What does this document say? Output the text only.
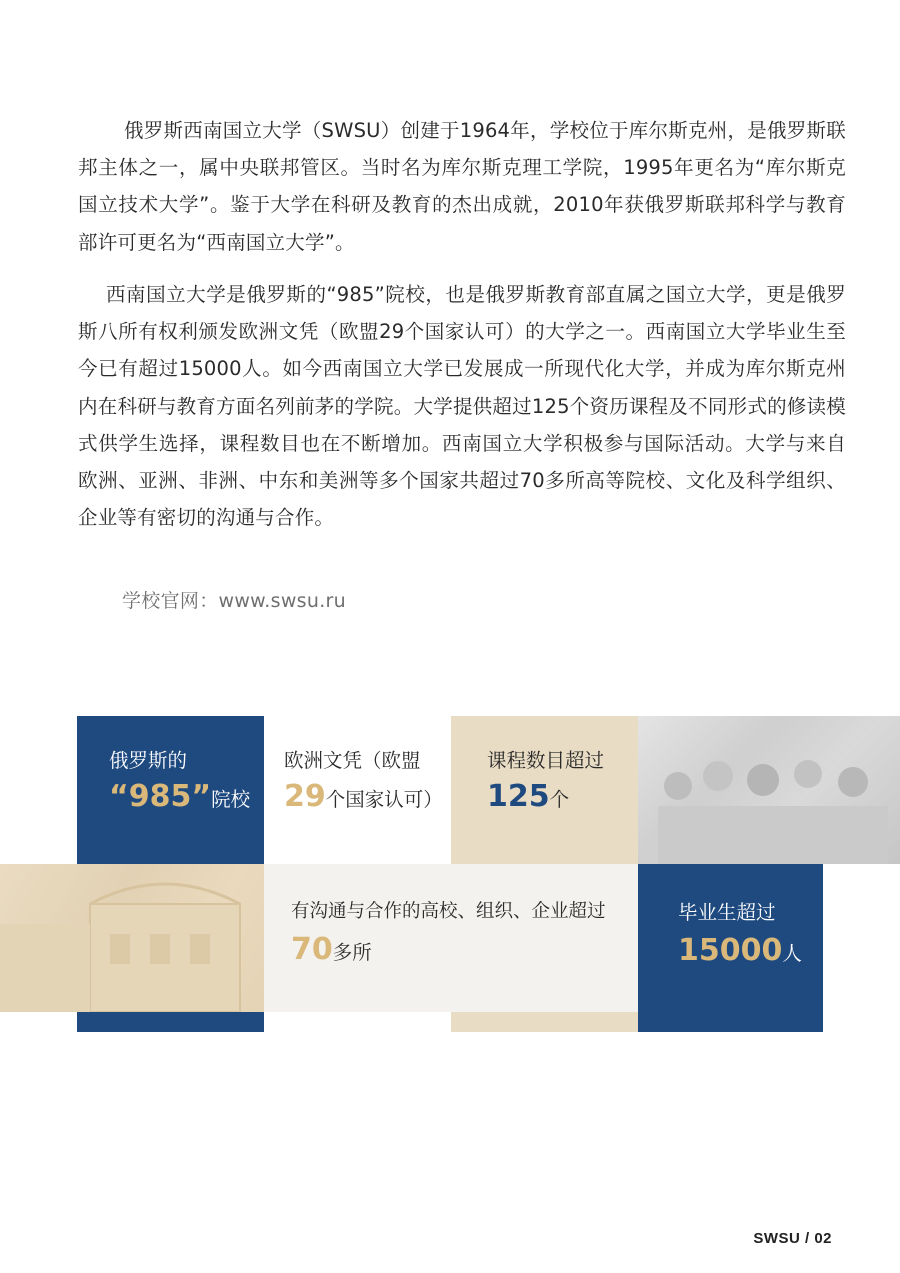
俄罗斯西南国立大学（SWSU）创建于1964年，学校位于库尔斯克州，是俄罗斯联邦主体之一，属中央联邦管区。当时名为库尔斯克理工学院，1995年更名为“库尔斯克国立技术大学”。鉴于大学在科研及教育的杰出成就，2010年获俄罗斯联邦科学与教育部许可更名为“西南国立大学”。

西南国立大学是俄罗斯的“985”院校，也是俄罗斯教育部直属之国立大学，更是俄罗斯八所有权利颁发欧洲文凭（欧盟29个国家认可）的大学之一。西南国立大学毕业生至今已有超过15000人。如今西南国立大学已发展成一所现代化大学，并成为库尔斯克州内在科研与教育方面名列前茅的学院。大学提供超过125个资历课程及不同形式的修读模式供学生选择，课程数目也在不断增加。西南国立大学积极参与国际活动。大学与来自欧洲、亚洲、非洲、中东和美洲等多个国家共超过70多所高等院校、文化及科学组织、企业等有密切的沟通与合作。

学校官网：www.swsu.ru
俄罗斯的
“985”院校
欧洲文凭（欧盟
29个国家认可）
课程数目超过
125个
有沟通与合作的高校、组织、企业超过
70多所
毕业生超过
15000人
SWSU / 02
